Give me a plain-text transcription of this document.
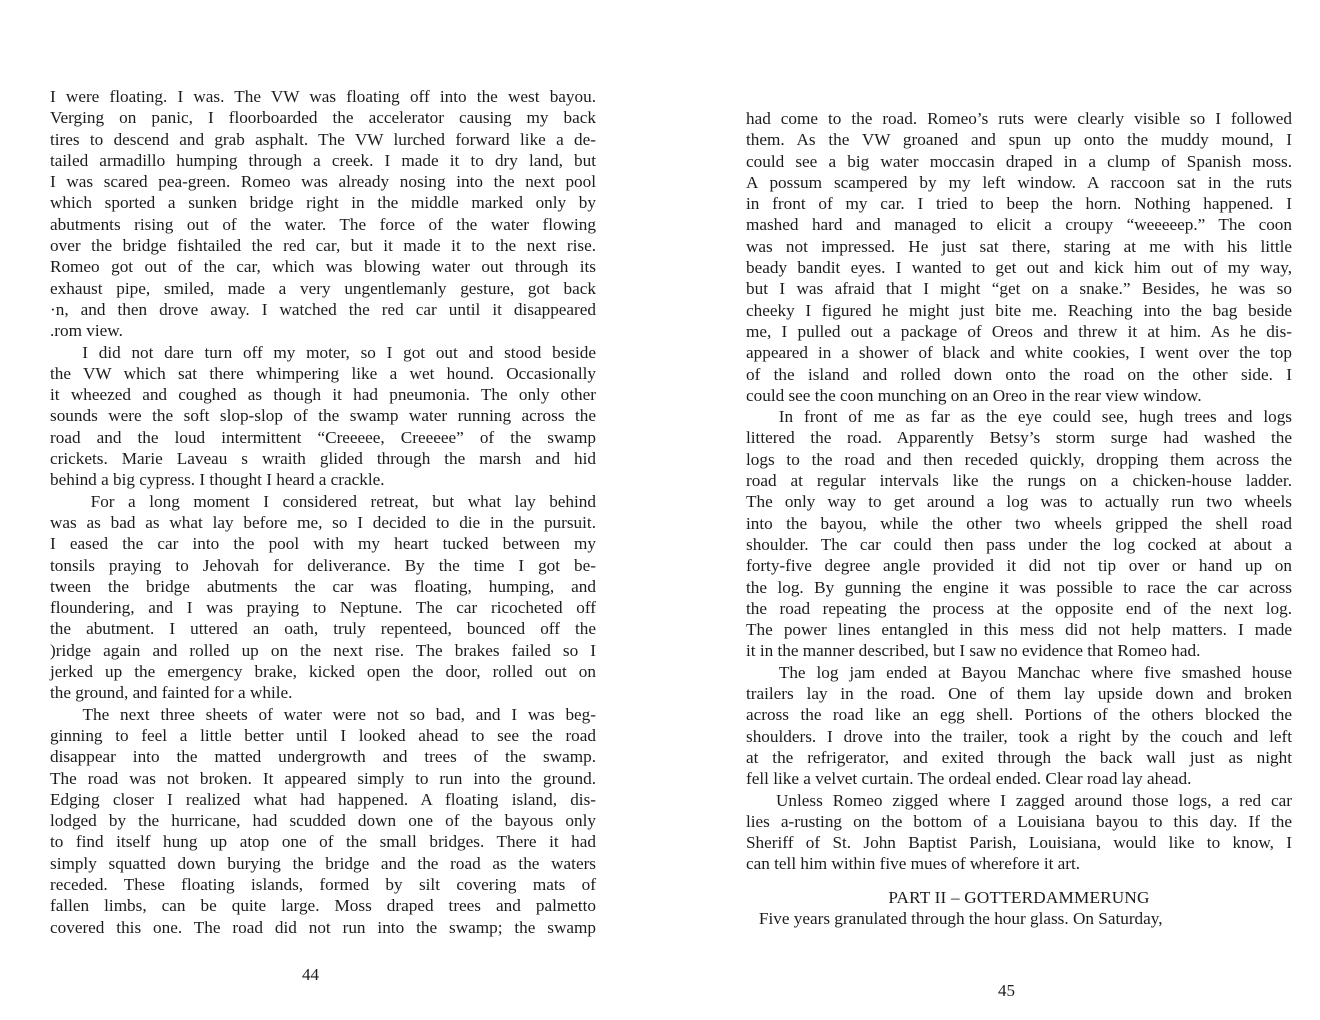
I were floating. I was. The VW was floating off into the west bayou.
Verging on panic, I floorboarded the accelerator causing my back
tires to descend and grab asphalt. The VW lurched forward like a de-
tailed armadillo humping through a creek. I made it to dry land, but
I was scared pea-green. Romeo was already nosing into the next pool
which sported a sunken bridge right in the middle marked only by
abutments rising out of the water. The force of the water flowing
over the bridge fishtailed the red car, but it made it to the next rise.
Romeo got out of the car, which was blowing water out through its
exhaust pipe, smiled, made a very ungentlemanly gesture, got back
·n, and then drove away. I watched the red car until it disappeared
.rom view.
I did not dare turn off my moter, so I got out and stood beside
the VW which sat there whimpering like a wet hound. Occasionally
it wheezed and coughed as though it had pneumonia. The only other
sounds were the soft slop-slop of the swamp water running across the
road and the loud intermittent “Creeeee, Creeeee” of the swamp
crickets. Marie Laveau s wraith glided through the marsh and hid
behind a big cypress. I thought I heard a crackle.
For a long moment I considered retreat, but what lay behind
was as bad as what lay before me, so I decided to die in the pursuit.
I eased the car into the pool with my heart tucked between my
tonsils praying to Jehovah for deliverance. By the time I got be-
tween the bridge abutments the car was floating, humping, and
floundering, and I was praying to Neptune. The car ricocheted off
the abutment. I uttered an oath, truly repenteed, bounced off the
)ridge again and rolled up on the next rise. The brakes failed so I
jerked up the emergency brake, kicked open the door, rolled out on
the ground, and fainted for a while.
The next three sheets of water were not so bad, and I was beg-
ginning to feel a little better until I looked ahead to see the road
disappear into the matted undergrowth and trees of the swamp.
The road was not broken. It appeared simply to run into the ground.
Edging closer I realized what had happened. A floating island, dis-
lodged by the hurricane, had scudded down one of the bayous only
to find itself hung up atop one of the small bridges. There it had
simply squatted down burying the bridge and the road as the waters
receded. These floating islands, formed by silt covering mats of
fallen limbs, can be quite large. Moss draped trees and palmetto
covered this one. The road did not run into the swamp; the swamp
44
had come to the road. Romeo’s ruts were clearly visible so I followed
them. As the VW groaned and spun up onto the muddy mound, I
could see a big water moccasin draped in a clump of Spanish moss.
A possum scampered by my left window. A raccoon sat in the ruts
in front of my car. I tried to beep the horn. Nothing happened. I
mashed hard and managed to elicit a croupy “weeeeep.” The coon
was not impressed. He just sat there, staring at me with his little
beady bandit eyes. I wanted to get out and kick him out of my way,
but I was afraid that I might “get on a snake.” Besides, he was so
cheeky I figured he might just bite me. Reaching into the bag beside
me, I pulled out a package of Oreos and threw it at him. As he dis-
appeared in a shower of black and white cookies, I went over the top
of the island and rolled down onto the road on the other side. I
could see the coon munching on an Oreo in the rear view window.
In front of me as far as the eye could see, hugh trees and logs
littered the road. Apparently Betsy’s storm surge had washed the
logs to the road and then receded quickly, dropping them across the
road at regular intervals like the rungs on a chicken-house ladder.
The only way to get around a log was to actually run two wheels
into the bayou, while the other two wheels gripped the shell road
shoulder. The car could then pass under the log cocked at about a
forty-five degree angle provided it did not tip over or hand up on
the log. By gunning the engine it was possible to race the car across
the road repeating the process at the opposite end of the next log.
The power lines entangled in this mess did not help matters. I made
it in the manner described, but I saw no evidence that Romeo had.
The log jam ended at Bayou Manchac where five smashed house
trailers lay in the road. One of them lay upside down and broken
across the road like an egg shell. Portions of the others blocked the
shoulders. I drove into the trailer, took a right by the couch and left
at the refrigerator, and exited through the back wall just as night
fell like a velvet curtain. The ordeal ended. Clear road lay ahead.
Unless Romeo zigged where I zagged around those logs, a red car
lies a-rusting on the bottom of a Louisiana bayou to this day. If the
Sheriff of St. John Baptist Parish, Louisiana, would like to know, I
can tell him within five mues of wherefore it art.
PART II – GOTTERDAMMERUNG
Five years granulated through the hour glass. On Saturday,
45
